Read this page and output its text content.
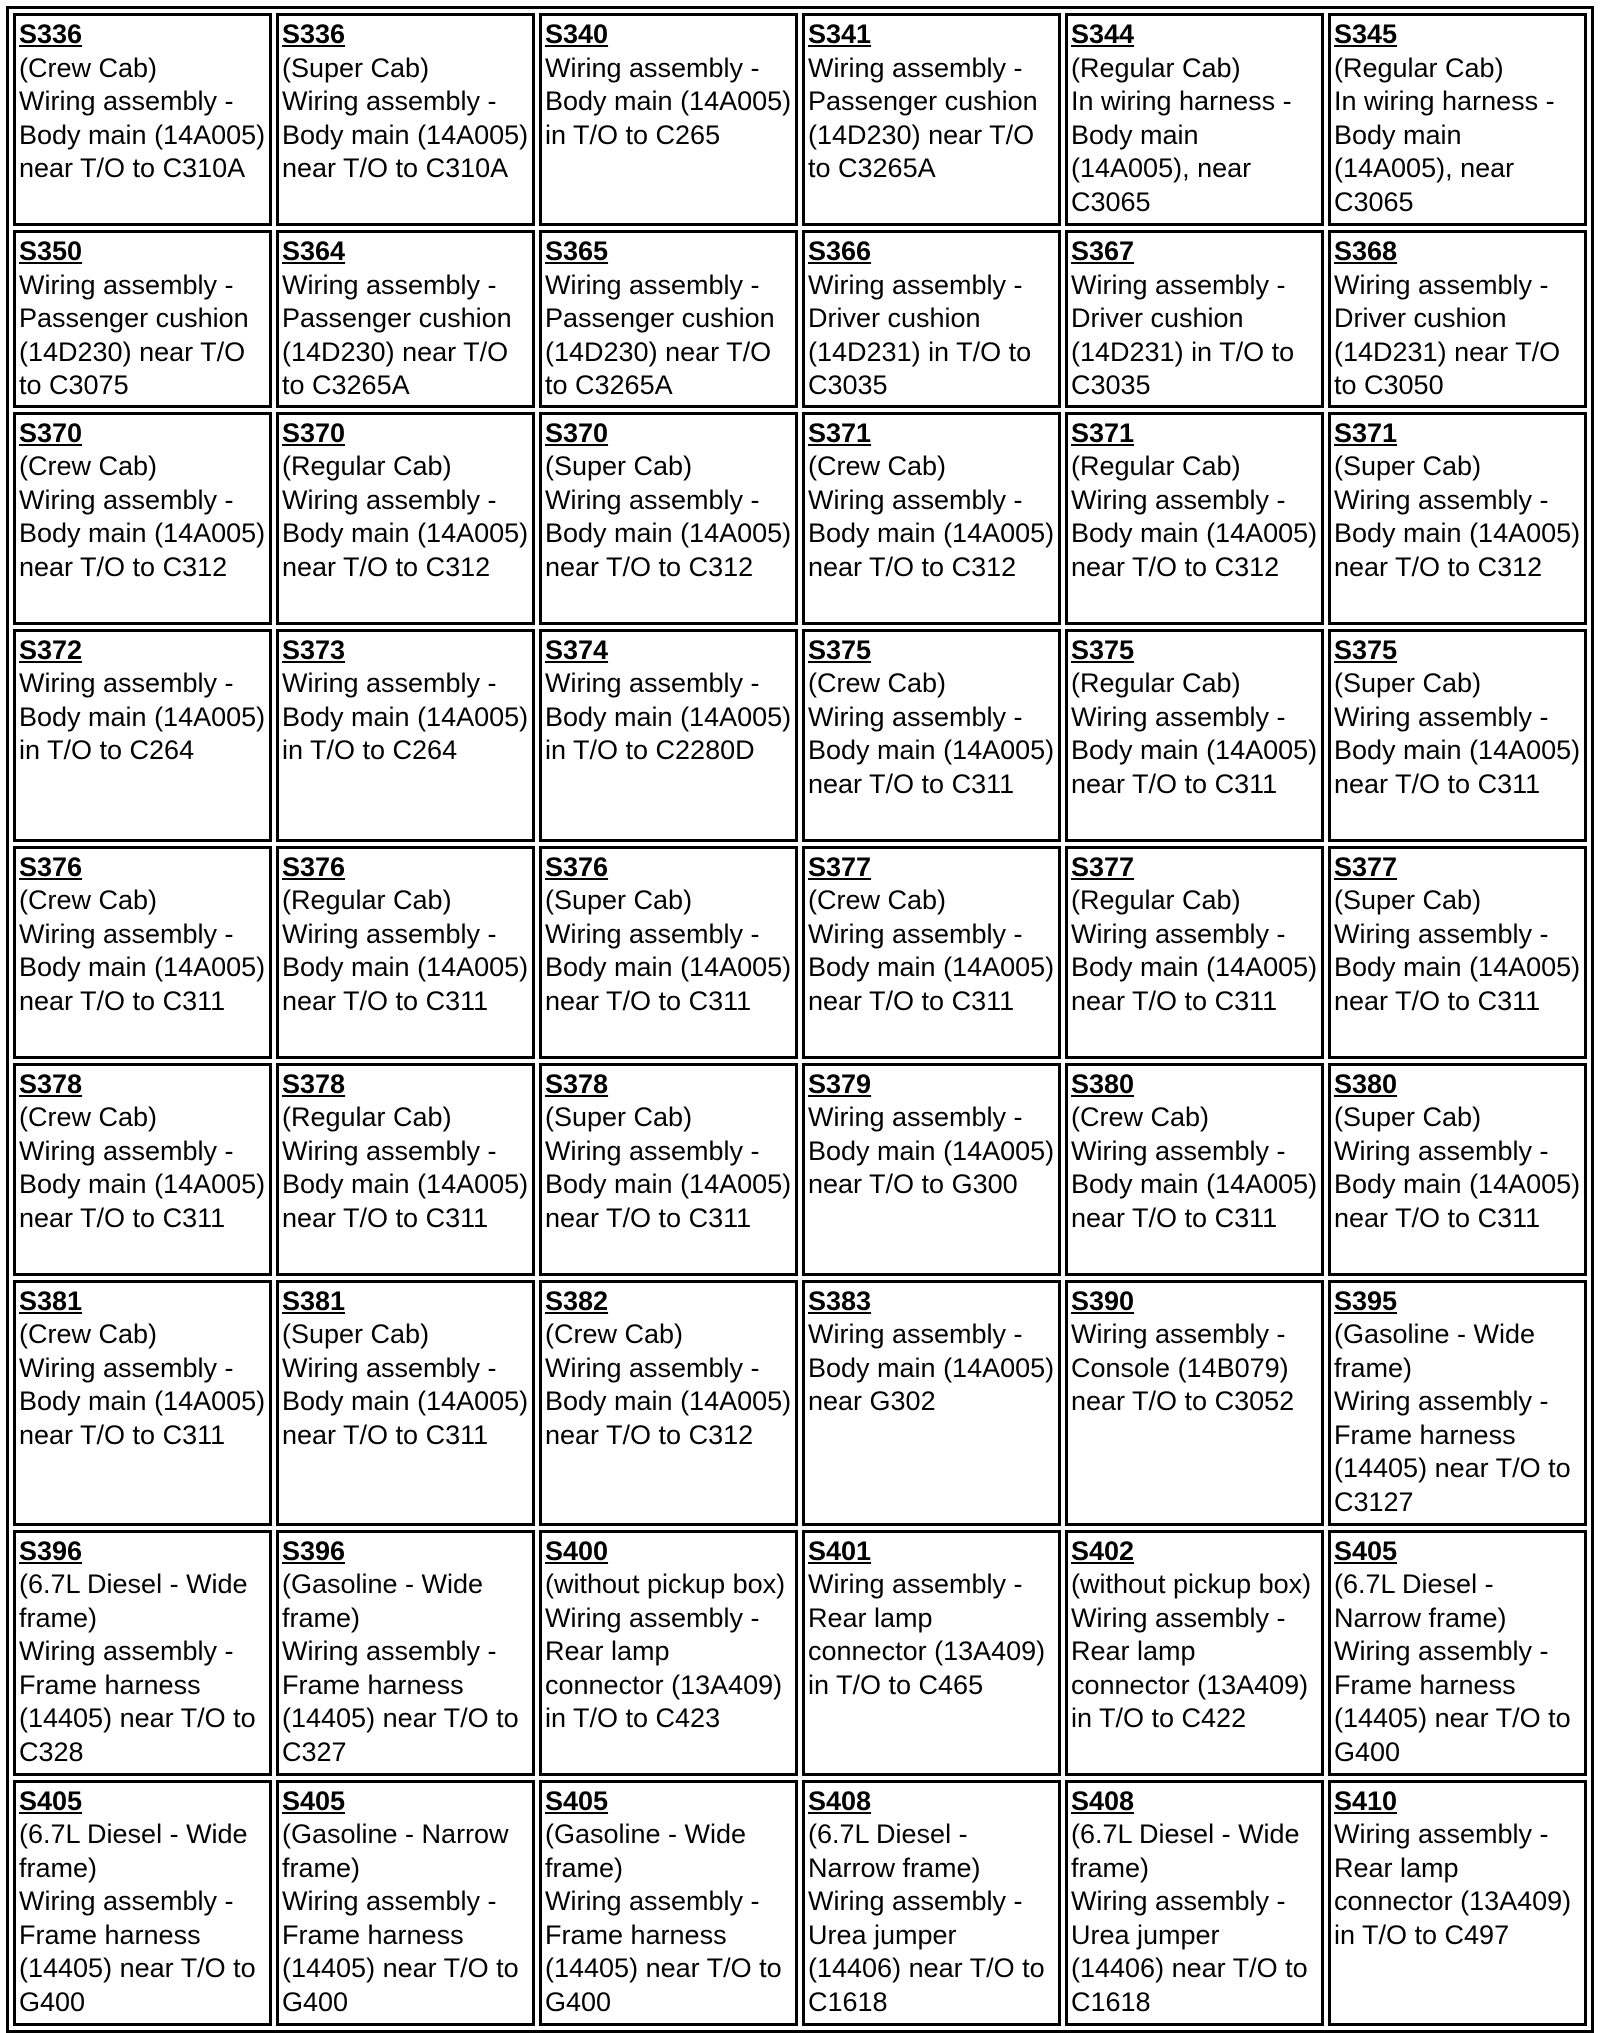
S336
(Crew Cab)
Wiring assembly - Body main (14A005) near T/O to C310A	S336
(Super Cab)
Wiring assembly - Body main (14A005) near T/O to C310A	S340
Wiring assembly - Body main (14A005) in T/O to C265	S341
Wiring assembly - Passenger cushion (14D230) near T/O to C3265A	S344
(Regular Cab)
In wiring harness - Body main (14A005), near C3065	S345
(Regular Cab)
In wiring harness - Body main (14A005), near C3065

S350
Wiring assembly - Passenger cushion (14D230) near T/O to C3075	S364
Wiring assembly - Passenger cushion (14D230) near T/O to C3265A	S365
Wiring assembly - Passenger cushion (14D230) near T/O to C3265A	S366
Wiring assembly - Driver cushion (14D231) in T/O to C3035	S367
Wiring assembly - Driver cushion (14D231) in T/O to C3035	S368
Wiring assembly - Driver cushion (14D231) near T/O to C3050

S370
(Crew Cab)
Wiring assembly - Body main (14A005) near T/O to C312	S370
(Regular Cab)
Wiring assembly - Body main (14A005) near T/O to C312	S370
(Super Cab)
Wiring assembly - Body main (14A005) near T/O to C312	S371
(Crew Cab)
Wiring assembly - Body main (14A005) near T/O to C312	S371
(Regular Cab)
Wiring assembly - Body main (14A005) near T/O to C312	S371
(Super Cab)
Wiring assembly - Body main (14A005) near T/O to C312

S372
Wiring assembly - Body main (14A005) in T/O to C264	S373
Wiring assembly - Body main (14A005) in T/O to C264	S374
Wiring assembly - Body main (14A005) in T/O to C2280D	S375
(Crew Cab)
Wiring assembly - Body main (14A005) near T/O to C311	S375
(Regular Cab)
Wiring assembly - Body main (14A005) near T/O to C311	S375
(Super Cab)
Wiring assembly - Body main (14A005) near T/O to C311

S376
(Crew Cab)
Wiring assembly - Body main (14A005) near T/O to C311	S376
(Regular Cab)
Wiring assembly - Body main (14A005) near T/O to C311	S376
(Super Cab)
Wiring assembly - Body main (14A005) near T/O to C311	S377
(Crew Cab)
Wiring assembly - Body main (14A005) near T/O to C311	S377
(Regular Cab)
Wiring assembly - Body main (14A005) near T/O to C311	S377
(Super Cab)
Wiring assembly - Body main (14A005) near T/O to C311

S378
(Crew Cab)
Wiring assembly - Body main (14A005) near T/O to C311	S378
(Regular Cab)
Wiring assembly - Body main (14A005) near T/O to C311	S378
(Super Cab)
Wiring assembly - Body main (14A005) near T/O to C311	S379
Wiring assembly - Body main (14A005) near T/O to G300	S380
(Crew Cab)
Wiring assembly - Body main (14A005) near T/O to C311	S380
(Super Cab)
Wiring assembly - Body main (14A005) near T/O to C311

S381
(Crew Cab)
Wiring assembly - Body main (14A005) near T/O to C311	S381
(Super Cab)
Wiring assembly - Body main (14A005) near T/O to C311	S382
(Crew Cab)
Wiring assembly - Body main (14A005) near T/O to C312	S383
Wiring assembly - Body main (14A005) near G302	S390
Wiring assembly - Console (14B079) near T/O to C3052	S395
(Gasoline - Wide frame)
Wiring assembly - Frame harness (14405) near T/O to C3127

S396
(6.7L Diesel - Wide frame)
Wiring assembly - Frame harness (14405) near T/O to C328	S396
(Gasoline - Wide frame)
Wiring assembly - Frame harness (14405) near T/O to C327	S400
(without pickup box)
Wiring assembly - Rear lamp connector (13A409) in T/O to C423	S401
Wiring assembly - Rear lamp connector (13A409) in T/O to C465	S402
(without pickup box)
Wiring assembly - Rear lamp connector (13A409) in T/O to C422	S405
(6.7L Diesel - Narrow frame)
Wiring assembly - Frame harness (14405) near T/O to G400

S405
(6.7L Diesel - Wide frame)
Wiring assembly - Frame harness (14405) near T/O to G400	S405
(Gasoline - Narrow frame)
Wiring assembly - Frame harness (14405) near T/O to G400	S405
(Gasoline - Wide frame)
Wiring assembly - Frame harness (14405) near T/O to G400	S408
(6.7L Diesel - Narrow frame)
Wiring assembly - Urea jumper (14406) near T/O to C1618	S408
(6.7L Diesel - Wide frame)
Wiring assembly - Urea jumper (14406) near T/O to C1618	S410
Wiring assembly - Rear lamp connector (13A409) in T/O to C497
